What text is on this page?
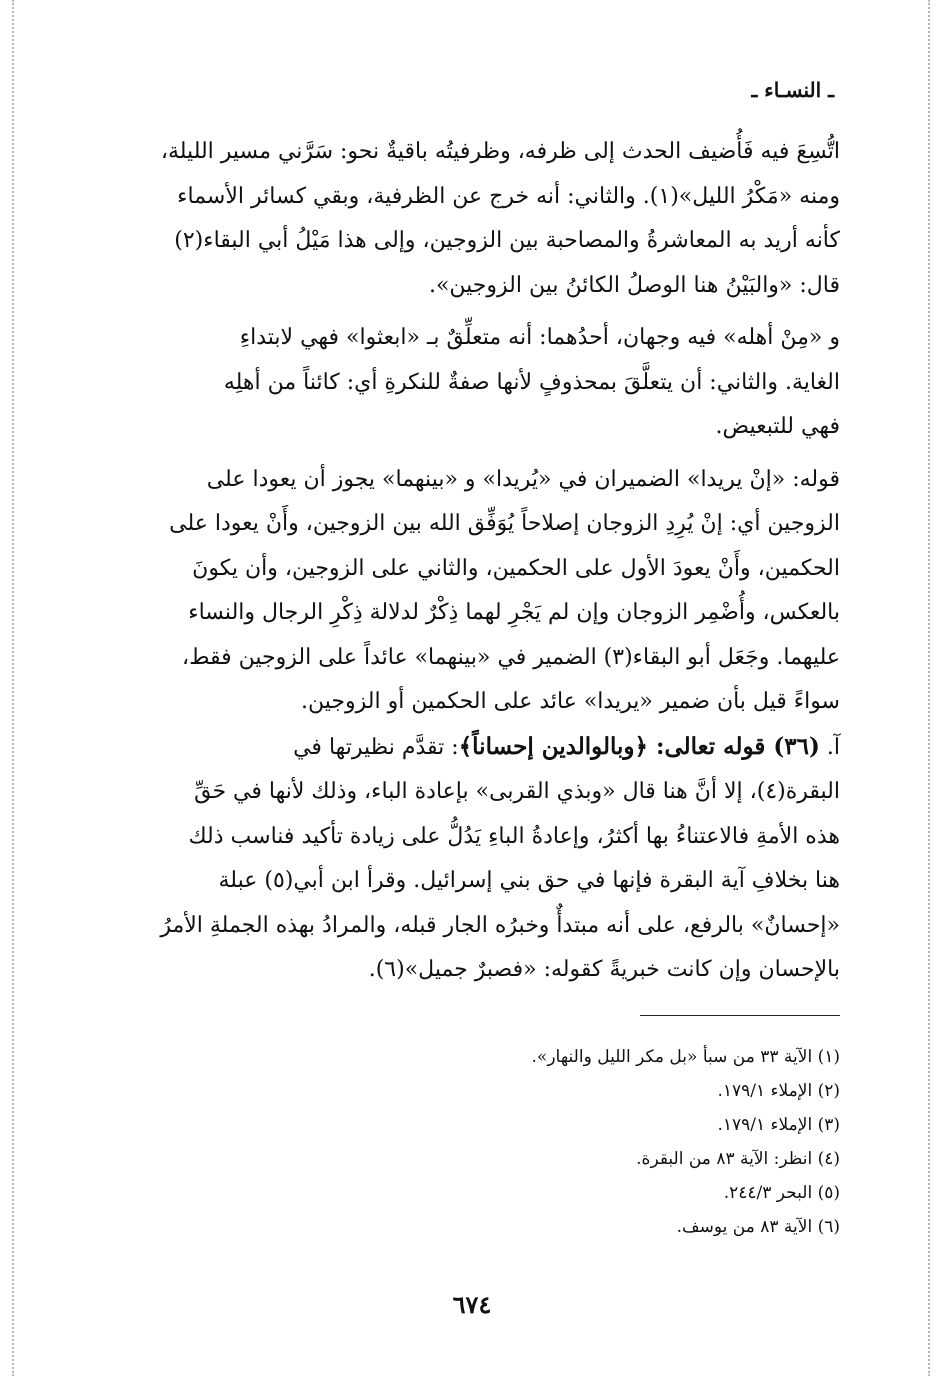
ـ النسـاء ـ
اتُّسِعَ فيه فَأُضيف الحدث إلى ظرفه، وظرفيتُه باقيةٌ نحو: سَرَّني مسير الليلة،
ومنه «مَكْرُ الليل»(١). والثاني: أنه خرج عن الظرفية، وبقي كسائر الأسماء
كأنه أريد به المعاشرةُ والمصاحبة بين الزوجين، وإلى هذا مَيْلُ أبي البقاء(٢)
قال: «والبَيْنُ هنا الوصلُ الكائنُ بين الزوجين».
و «مِنْ أهله» فيه وجهان، أحدُهما: أنه متعلِّقٌ بـ «ابعثوا» فهي لابتداءِ
الغاية. والثاني: أن يتعلَّقَ بمحذوفٍ لأنها صفةٌ للنكرةِ أي: كائناً من أهلِه
فهي للتبعيض.
قوله: «إنْ يريدا» الضميران في «يُريدا» و «بينهما» يجوز أن يعودا على
الزوجين أي: إنْ يُرِدِ الزوجان إصلاحاً يُوَفِّق الله بين الزوجين، وأَنْ يعودا على
الحكمين، وأَنْ يعودَ الأول على الحكمين، والثاني على الزوجين، وأن يكونَ
بالعكس، وأُضْمِر الزوجان وإن لم يَجْرِ لهما ذِكْرٌ لدلالة ذِكْرِ الرجال والنساء
عليهما. وجَعَل أبو البقاء(٣) الضمير في «بينهما» عائداً على الزوجين فقط،
سواءً قيل بأن ضمير «يريدا» عائد على الحكمين أو الزوجين.
آ. (٣٦) قوله تعالى: ﴿وبالوالدين إحساناً﴾: تقدَّم نظيرتها في
البقرة(٤)، إلا أنَّ هنا قال «وبذي القربى» بإعادة الباء، وذلك لأنها في حَقِّ
هذه الأمةِ فالاعتناءُ بها أكثرُ، وإعادةُ الباءِ يَدُلُّ على زيادة تأكيد فناسب ذلك
هنا بخلافِ آية البقرة فإنها في حق بني إسرائيل. وقرأ ابن أبي(٥) عبلة
«إحسانٌ» بالرفع، على أنه مبتدأٌ وخبرُه الجار قبله، والمرادُ بهذه الجملةِ الأمرُ
بالإحسان وإن كانت خبريةً كقوله: «فصبرٌ جميل»(٦).
(١) الآية ٣٣ من سبأ «بل مكر الليل والنهار».
(٢) الإملاء ١٧٩/١.
(٣) الإملاء ١٧٩/١.
(٤) انظر: الآية ٨٣ من البقرة.
(٥) البحر ٢٤٤/٣.
(٦) الآية ٨٣ من يوسف.
٦٧٤
